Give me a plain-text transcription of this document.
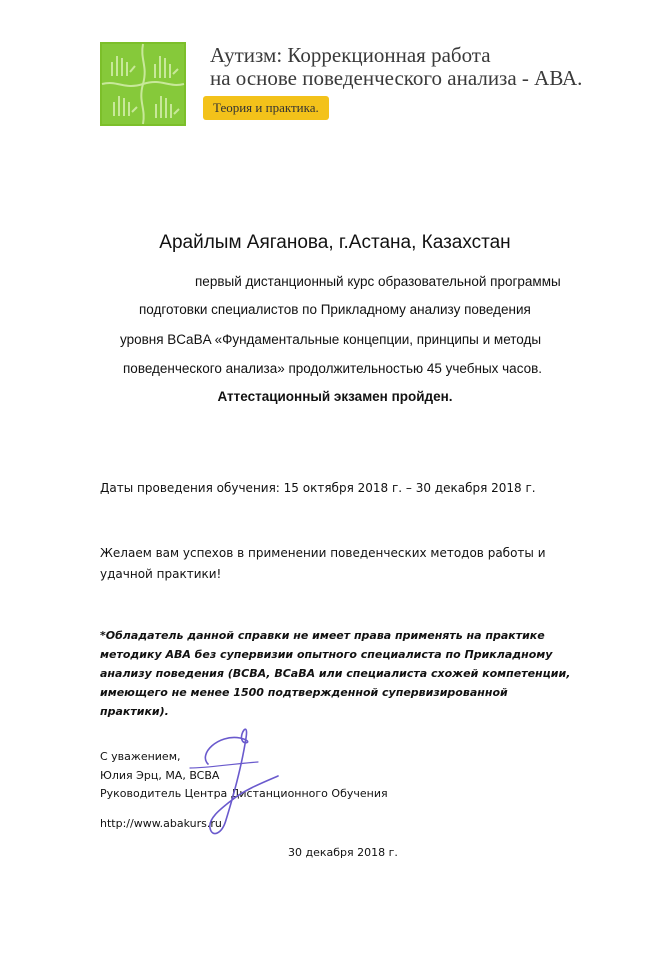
Аутизм: Коррекционная работа
на основе поведенческого анализа - АВА.
Теория и практика.
Арайлым Аяганова, г.Астана, Казахстан
первый дистанционный курс образовательной программы
подготовки специалистов по Прикладному анализу поведения
уровня BCaBA «Фундаментальные концепции, принципы и методы
поведенческого анализа» продолжительностью 45 учебных часов.
Аттестационный экзамен пройден.
Даты проведения обучения: 15 октября 2018 г. – 30 декабря 2018 г.
Желаем вам успехов в применении поведенческих методов работы и удачной практики!
*Обладатель данной справки не имеет права применять на практике методику АВА без супервизии опытного специалиста по Прикладному анализу поведения (BCBA, BCaBA или специалиста схожей компетенции, имеющего не менее 1500 подтвержденной супервизированной практики).
С уважением,
Юлия Эрц, МА, BCBA
Руководитель Центра Дистанционного Обучения
http://www.abakurs.ru
30 декабря 2018 г.
